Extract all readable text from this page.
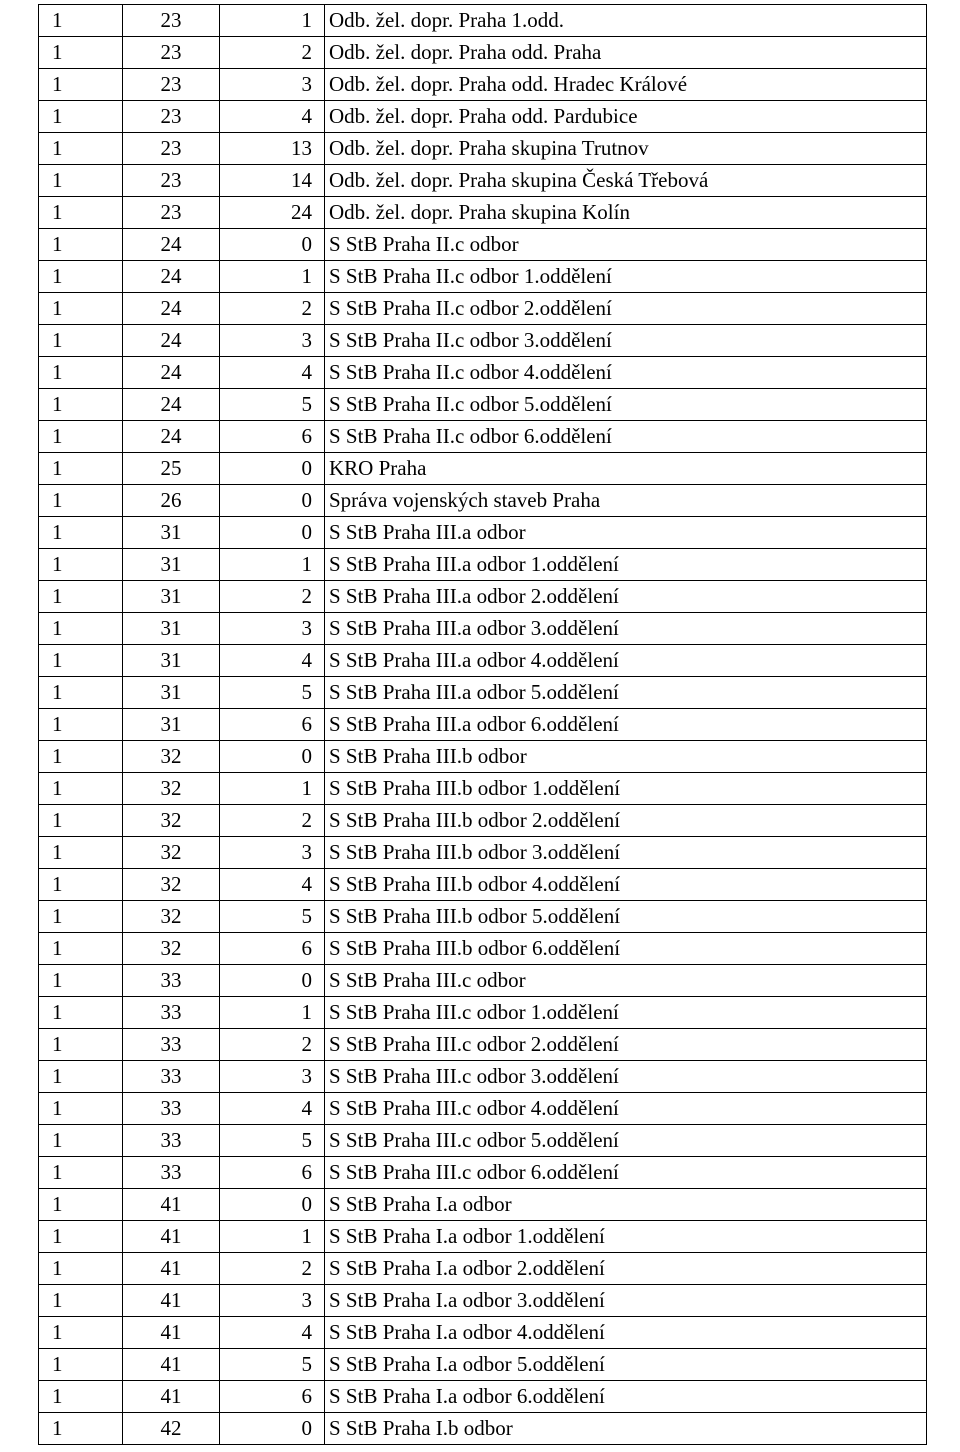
1	23	1	Odb. žel. dopr. Praha 1.odd.
1	23	2	Odb. žel. dopr. Praha odd. Praha
1	23	3	Odb. žel. dopr. Praha odd. Hradec Králové
1	23	4	Odb. žel. dopr. Praha odd. Pardubice
1	23	13	Odb. žel. dopr. Praha skupina Trutnov
1	23	14	Odb. žel. dopr. Praha skupina Česká Třebová
1	23	24	Odb. žel. dopr. Praha skupina Kolín
1	24	0	S StB Praha II.c odbor
1	24	1	S StB Praha II.c odbor 1.oddělení
1	24	2	S StB Praha II.c odbor 2.oddělení
1	24	3	S StB Praha II.c odbor 3.oddělení
1	24	4	S StB Praha II.c odbor 4.oddělení
1	24	5	S StB Praha II.c odbor 5.oddělení
1	24	6	S StB Praha II.c odbor 6.oddělení
1	25	0	KRO Praha
1	26	0	Správa vojenských staveb Praha
1	31	0	S StB Praha III.a odbor
1	31	1	S StB Praha III.a odbor 1.oddělení
1	31	2	S StB Praha III.a odbor 2.oddělení
1	31	3	S StB Praha III.a odbor 3.oddělení
1	31	4	S StB Praha III.a odbor 4.oddělení
1	31	5	S StB Praha III.a odbor 5.oddělení
1	31	6	S StB Praha III.a odbor 6.oddělení
1	32	0	S StB Praha III.b odbor
1	32	1	S StB Praha III.b odbor 1.oddělení
1	32	2	S StB Praha III.b odbor 2.oddělení
1	32	3	S StB Praha III.b odbor 3.oddělení
1	32	4	S StB Praha III.b odbor 4.oddělení
1	32	5	S StB Praha III.b odbor 5.oddělení
1	32	6	S StB Praha III.b odbor 6.oddělení
1	33	0	S StB Praha III.c odbor
1	33	1	S StB Praha III.c odbor 1.oddělení
1	33	2	S StB Praha III.c odbor 2.oddělení
1	33	3	S StB Praha III.c odbor 3.oddělení
1	33	4	S StB Praha III.c odbor 4.oddělení
1	33	5	S StB Praha III.c odbor 5.oddělení
1	33	6	S StB Praha III.c odbor 6.oddělení
1	41	0	S StB Praha I.a odbor
1	41	1	S StB Praha I.a odbor 1.oddělení
1	41	2	S StB Praha I.a odbor 2.oddělení
1	41	3	S StB Praha I.a odbor 3.oddělení
1	41	4	S StB Praha I.a odbor 4.oddělení
1	41	5	S StB Praha I.a odbor 5.oddělení
1	41	6	S StB Praha I.a odbor 6.oddělení
1	42	0	S StB Praha I.b odbor
